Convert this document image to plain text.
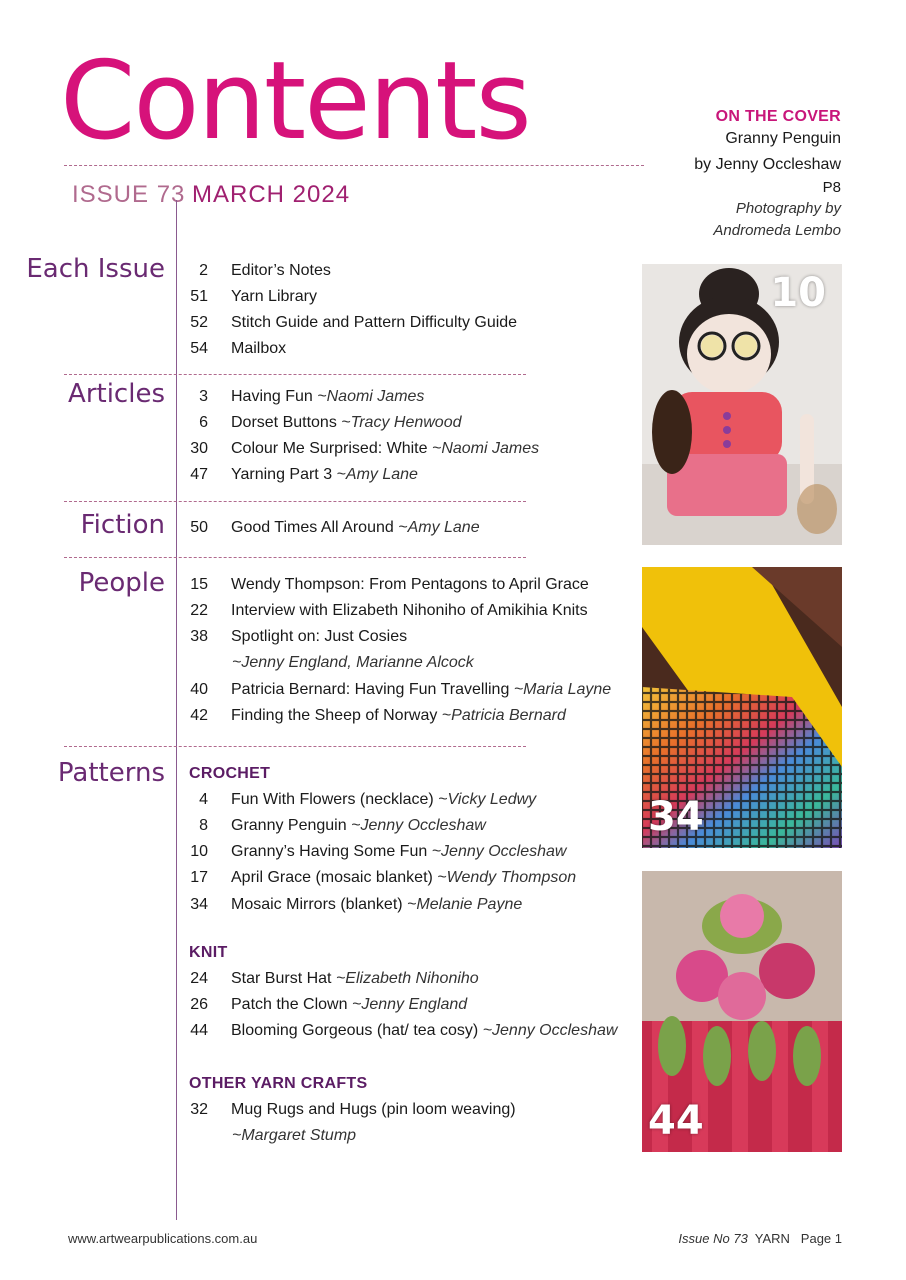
Contents
ISSUE 73 MARCH 2024
ON THE COVER
Granny Penguin
by Jenny Occleshaw
P8
Photography by
Andromeda Lembo
Each Issue	2 Editor’s Notes
51 Yarn Library
52 Stitch Guide and Pattern Difficulty Guide
54 Mailbox
Articles	3 Having Fun ~Naomi James
6 Dorset Buttons ~Tracy Henwood
30 Colour Me Surprised: White ~Naomi James
47 Yarning Part 3 ~Amy Lane
Fiction 50 Good Times All Around ~Amy Lane
People 15 Wendy Thompson: From Pentagons to April Grace
22 Interview with Elizabeth Nihoniho of Amikihia Knits
38 Spotlight on: Just Cosies
~Jenny England, Marianne Alcock
40 Patricia Bernard: Having Fun Travelling ~Maria Layne
42 Finding the Sheep of Norway ~Patricia Bernard
Patterns CROCHET
4 Fun With Flowers (necklace) ~Vicky Ledwy
8 Granny Penguin ~Jenny Occleshaw
10 Granny’s Having Some Fun ~Jenny Occleshaw
17 April Grace (mosaic blanket) ~Wendy Thompson
34 Mosaic Mirrors (blanket) ~Melanie Payne
KNIT
24 Star Burst Hat ~Elizabeth Nihoniho
26 Patch the Clown ~Jenny England
44 Blooming Gorgeous (hat/ tea cosy) ~Jenny Occleshaw
OTHER YARN CRAFTS
32 Mug Rugs and Hugs (pin loom weaving)
~Margaret Stump
10
34
44
www.artwearpublications.com.au	Issue No 73 YARN Page 1
